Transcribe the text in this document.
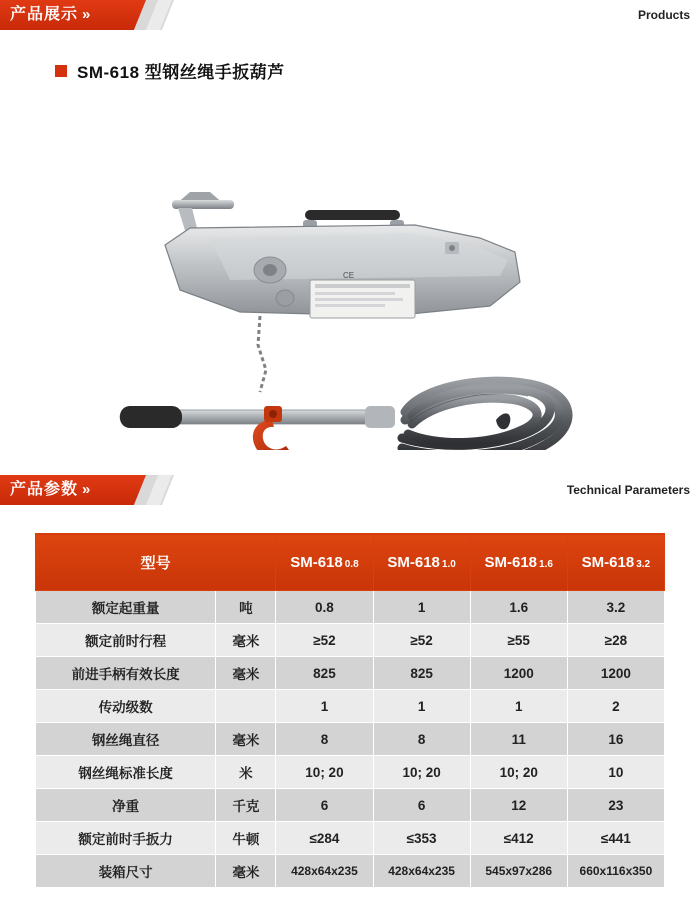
产品展示 »	Products
SM-618 型钢丝绳手扳葫芦
CE
产品参数 »	Technical Parameters
型号		SM-618 0.8	SM-618 1.0	SM-618 1.6	SM-618 3.2
额定起重量	吨	0.8	1	1.6	3.2
额定前时行程	毫米	≥52	≥52	≥55	≥28
前进手柄有效长度	毫米	825	825	1200	1200
传动级数		1	1	1	2
钢丝绳直径	毫米	8	8	11	16
钢丝绳标准长度	米	10; 20	10; 20	10; 20	10
净重	千克	6	6	12	23
额定前时手扳力	牛顿	≤284	≤353	≤412	≤441
装箱尺寸	毫米	428x64x235	428x64x235	545x97x286	660x116x350
